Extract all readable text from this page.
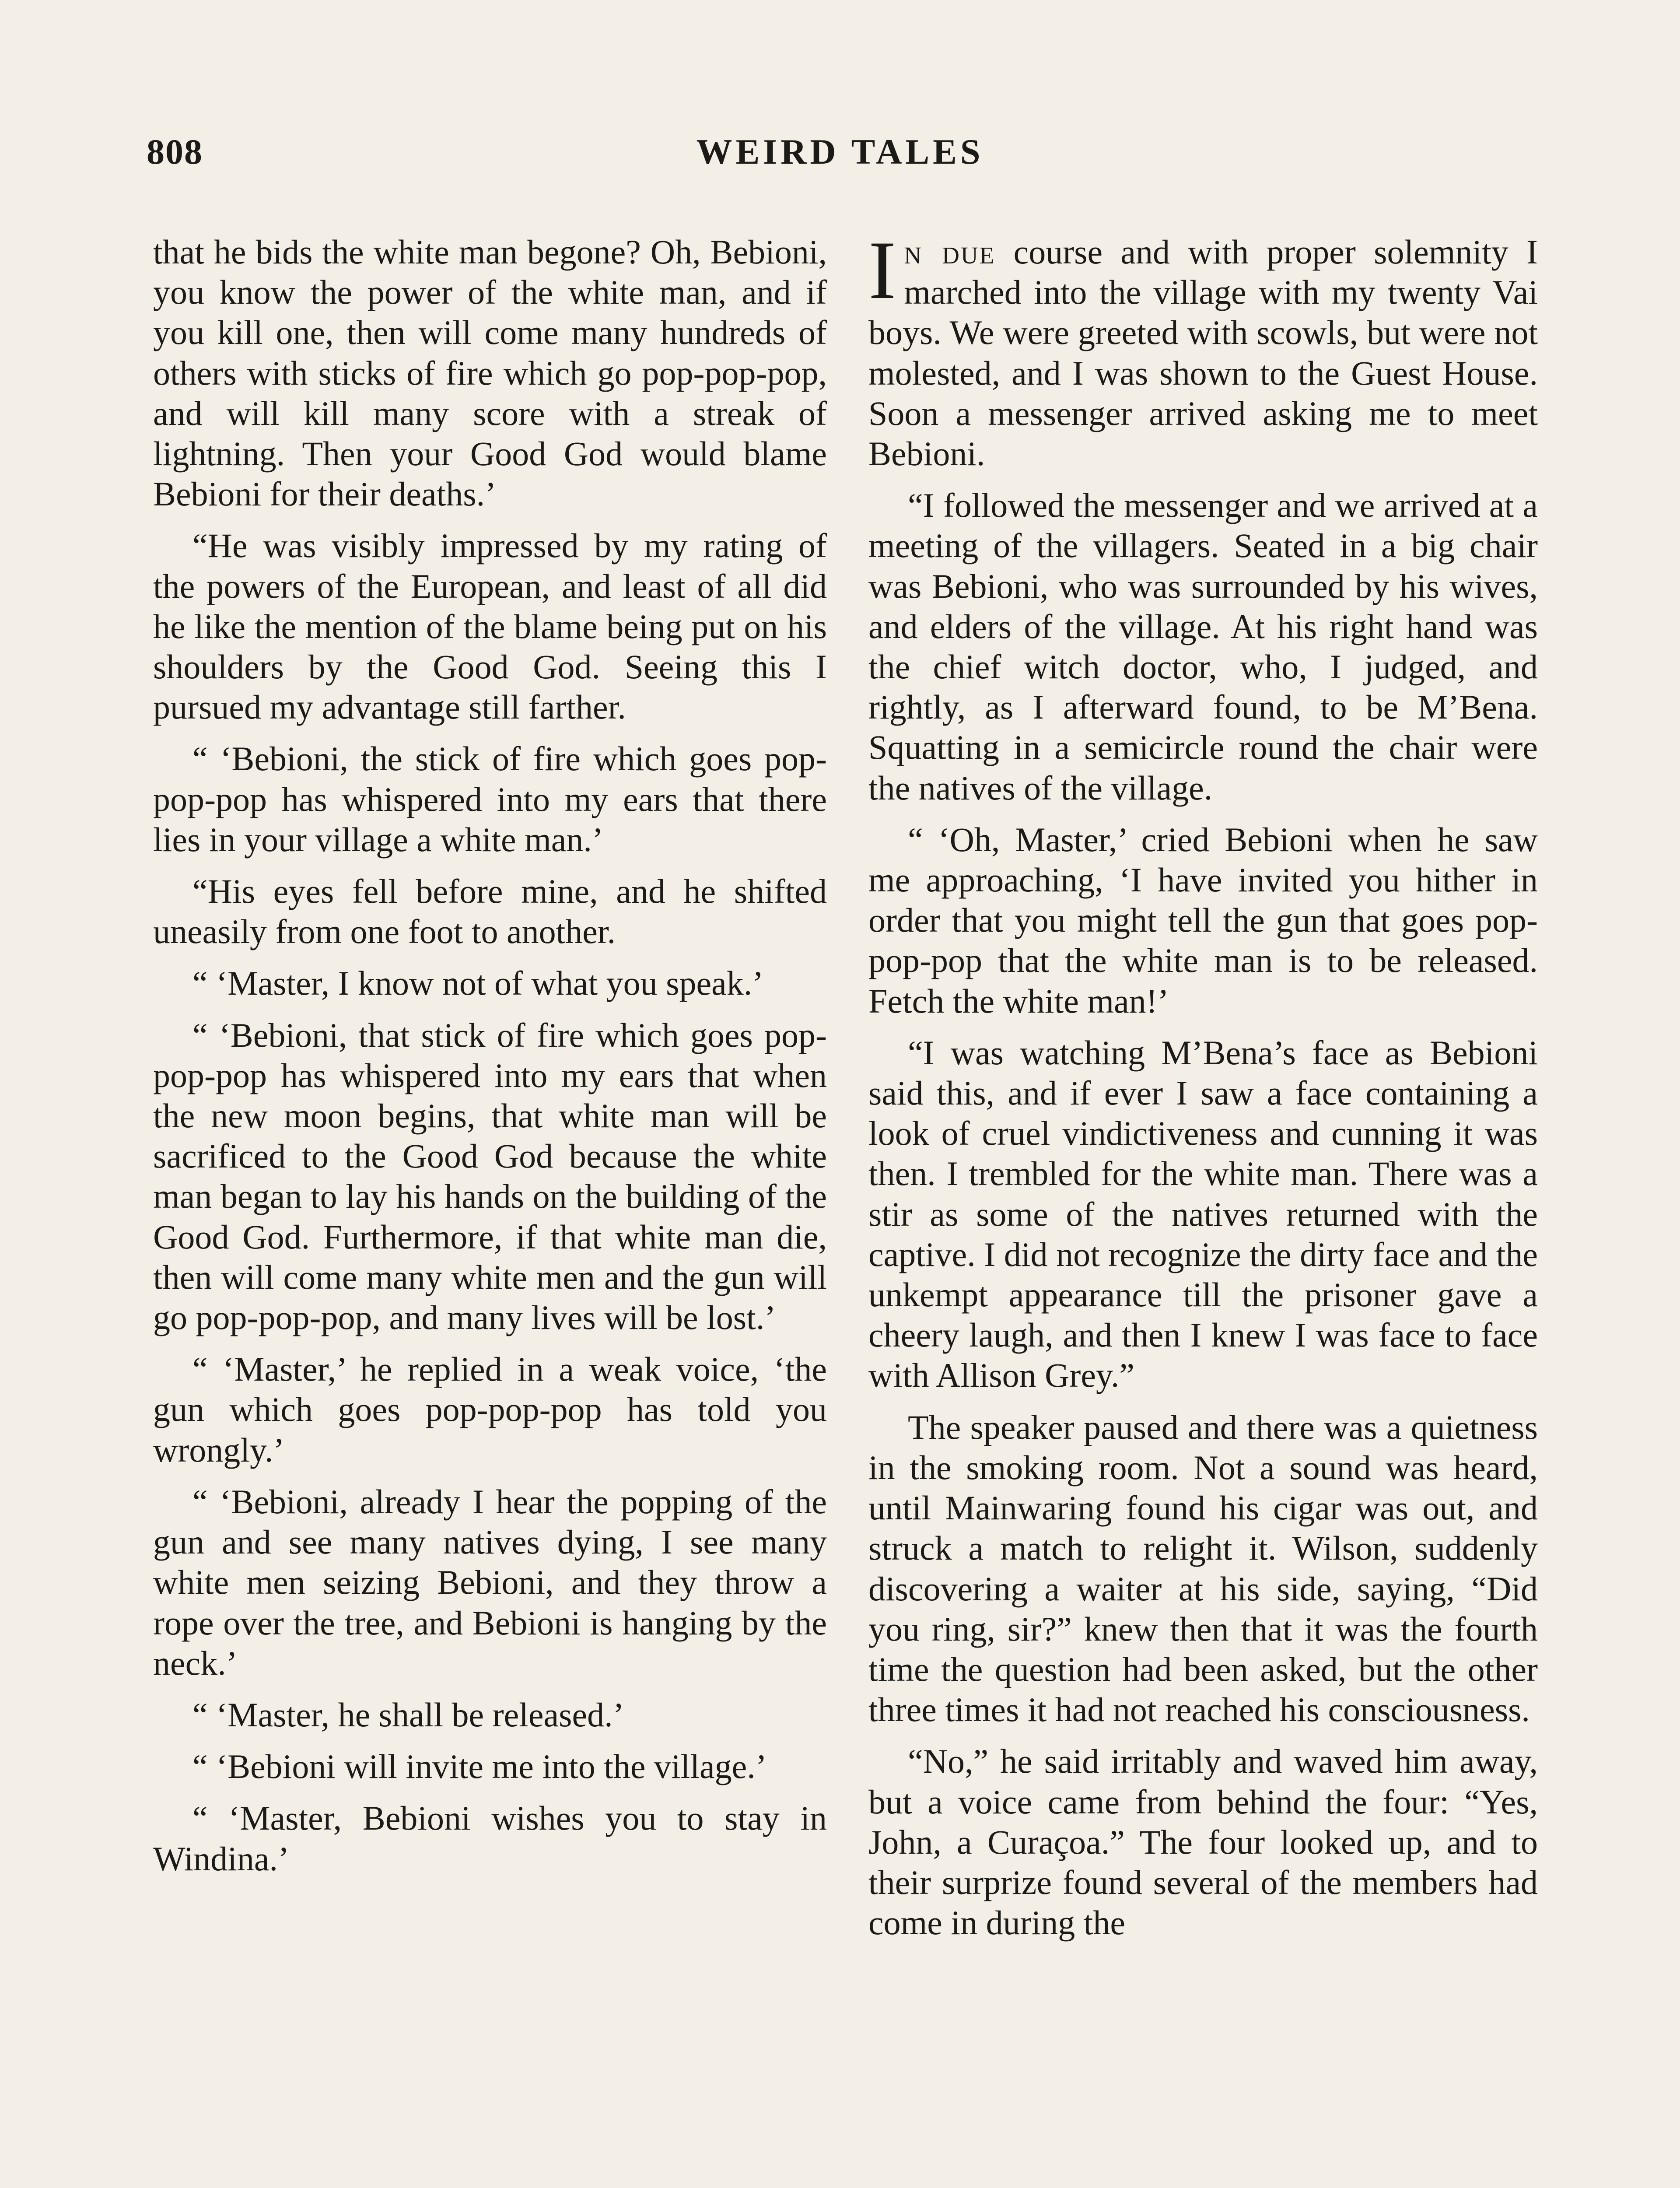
808	WEIRD TALES

that he bids the white man begone? Oh, Bebioni, you know the power of the white man, and if you kill one, then will come many hundreds of others with sticks of fire which go pop-pop-pop, and will kill many score with a streak of lightning. Then your Good God would blame Bebioni for their deaths.’

“He was visibly impressed by my rating of the powers of the European, and least of all did he like the mention of the blame being put on his shoulders by the Good God. Seeing this I pursued my advantage still farther.

“ ‘Bebioni, the stick of fire which goes pop-pop-pop has whispered into my ears that there lies in your village a white man.’

“His eyes fell before mine, and he shifted uneasily from one foot to another.

“ ‘Master, I know not of what you speak.’

“ ‘Bebioni, that stick of fire which goes pop-pop-pop has whispered into my ears that when the new moon begins, that white man will be sacrificed to the Good God because the white man began to lay his hands on the building of the Good God. Furthermore, if that white man die, then will come many white men and the gun will go pop-pop-pop, and many lives will be lost.’

“ ‘Master,’ he replied in a weak voice, ‘the gun which goes pop-pop-pop has told you wrongly.’

“ ‘Bebioni, already I hear the popping of the gun and see many natives dying, I see many white men seizing Bebioni, and they throw a rope over the tree, and Bebioni is hanging by the neck.’

“ ‘Master, he shall be released.’

“ ‘Bebioni will invite me into the village.’

“ ‘Master, Bebioni wishes you to stay in Windina.’

In due course and with proper solemnity I marched into the village with my twenty Vai boys. We were greeted with scowls, but were not molested, and I was shown to the Guest House. Soon a messenger arrived asking me to meet Bebioni.

“I followed the messenger and we arrived at a meeting of the villagers. Seated in a big chair was Bebioni, who was surrounded by his wives, and elders of the village. At his right hand was the chief witch doctor, who, I judged, and rightly, as I afterward found, to be M’Bena. Squatting in a semicircle round the chair were the natives of the village.

“ ‘Oh, Master,’ cried Bebioni when he saw me approaching, ‘I have invited you hither in order that you might tell the gun that goes pop-pop-pop that the white man is to be released. Fetch the white man!’

“I was watching M’Bena’s face as Bebioni said this, and if ever I saw a face containing a look of cruel vindictiveness and cunning it was then. I trembled for the white man. There was a stir as some of the natives returned with the captive. I did not recognize the dirty face and the unkempt appearance till the prisoner gave a cheery laugh, and then I knew I was face to face with Allison Grey.”

The speaker paused and there was a quietness in the smoking room. Not a sound was heard, until Mainwaring found his cigar was out, and struck a match to relight it. Wilson, suddenly discovering a waiter at his side, saying, “Did you ring, sir?” knew then that it was the fourth time the question had been asked, but the other three times it had not reached his consciousness.

“No,” he said irritably and waved him away, but a voice came from behind the four: “Yes, John, a Curaçoa.” The four looked up, and to their surprize found several of the members had come in during the
